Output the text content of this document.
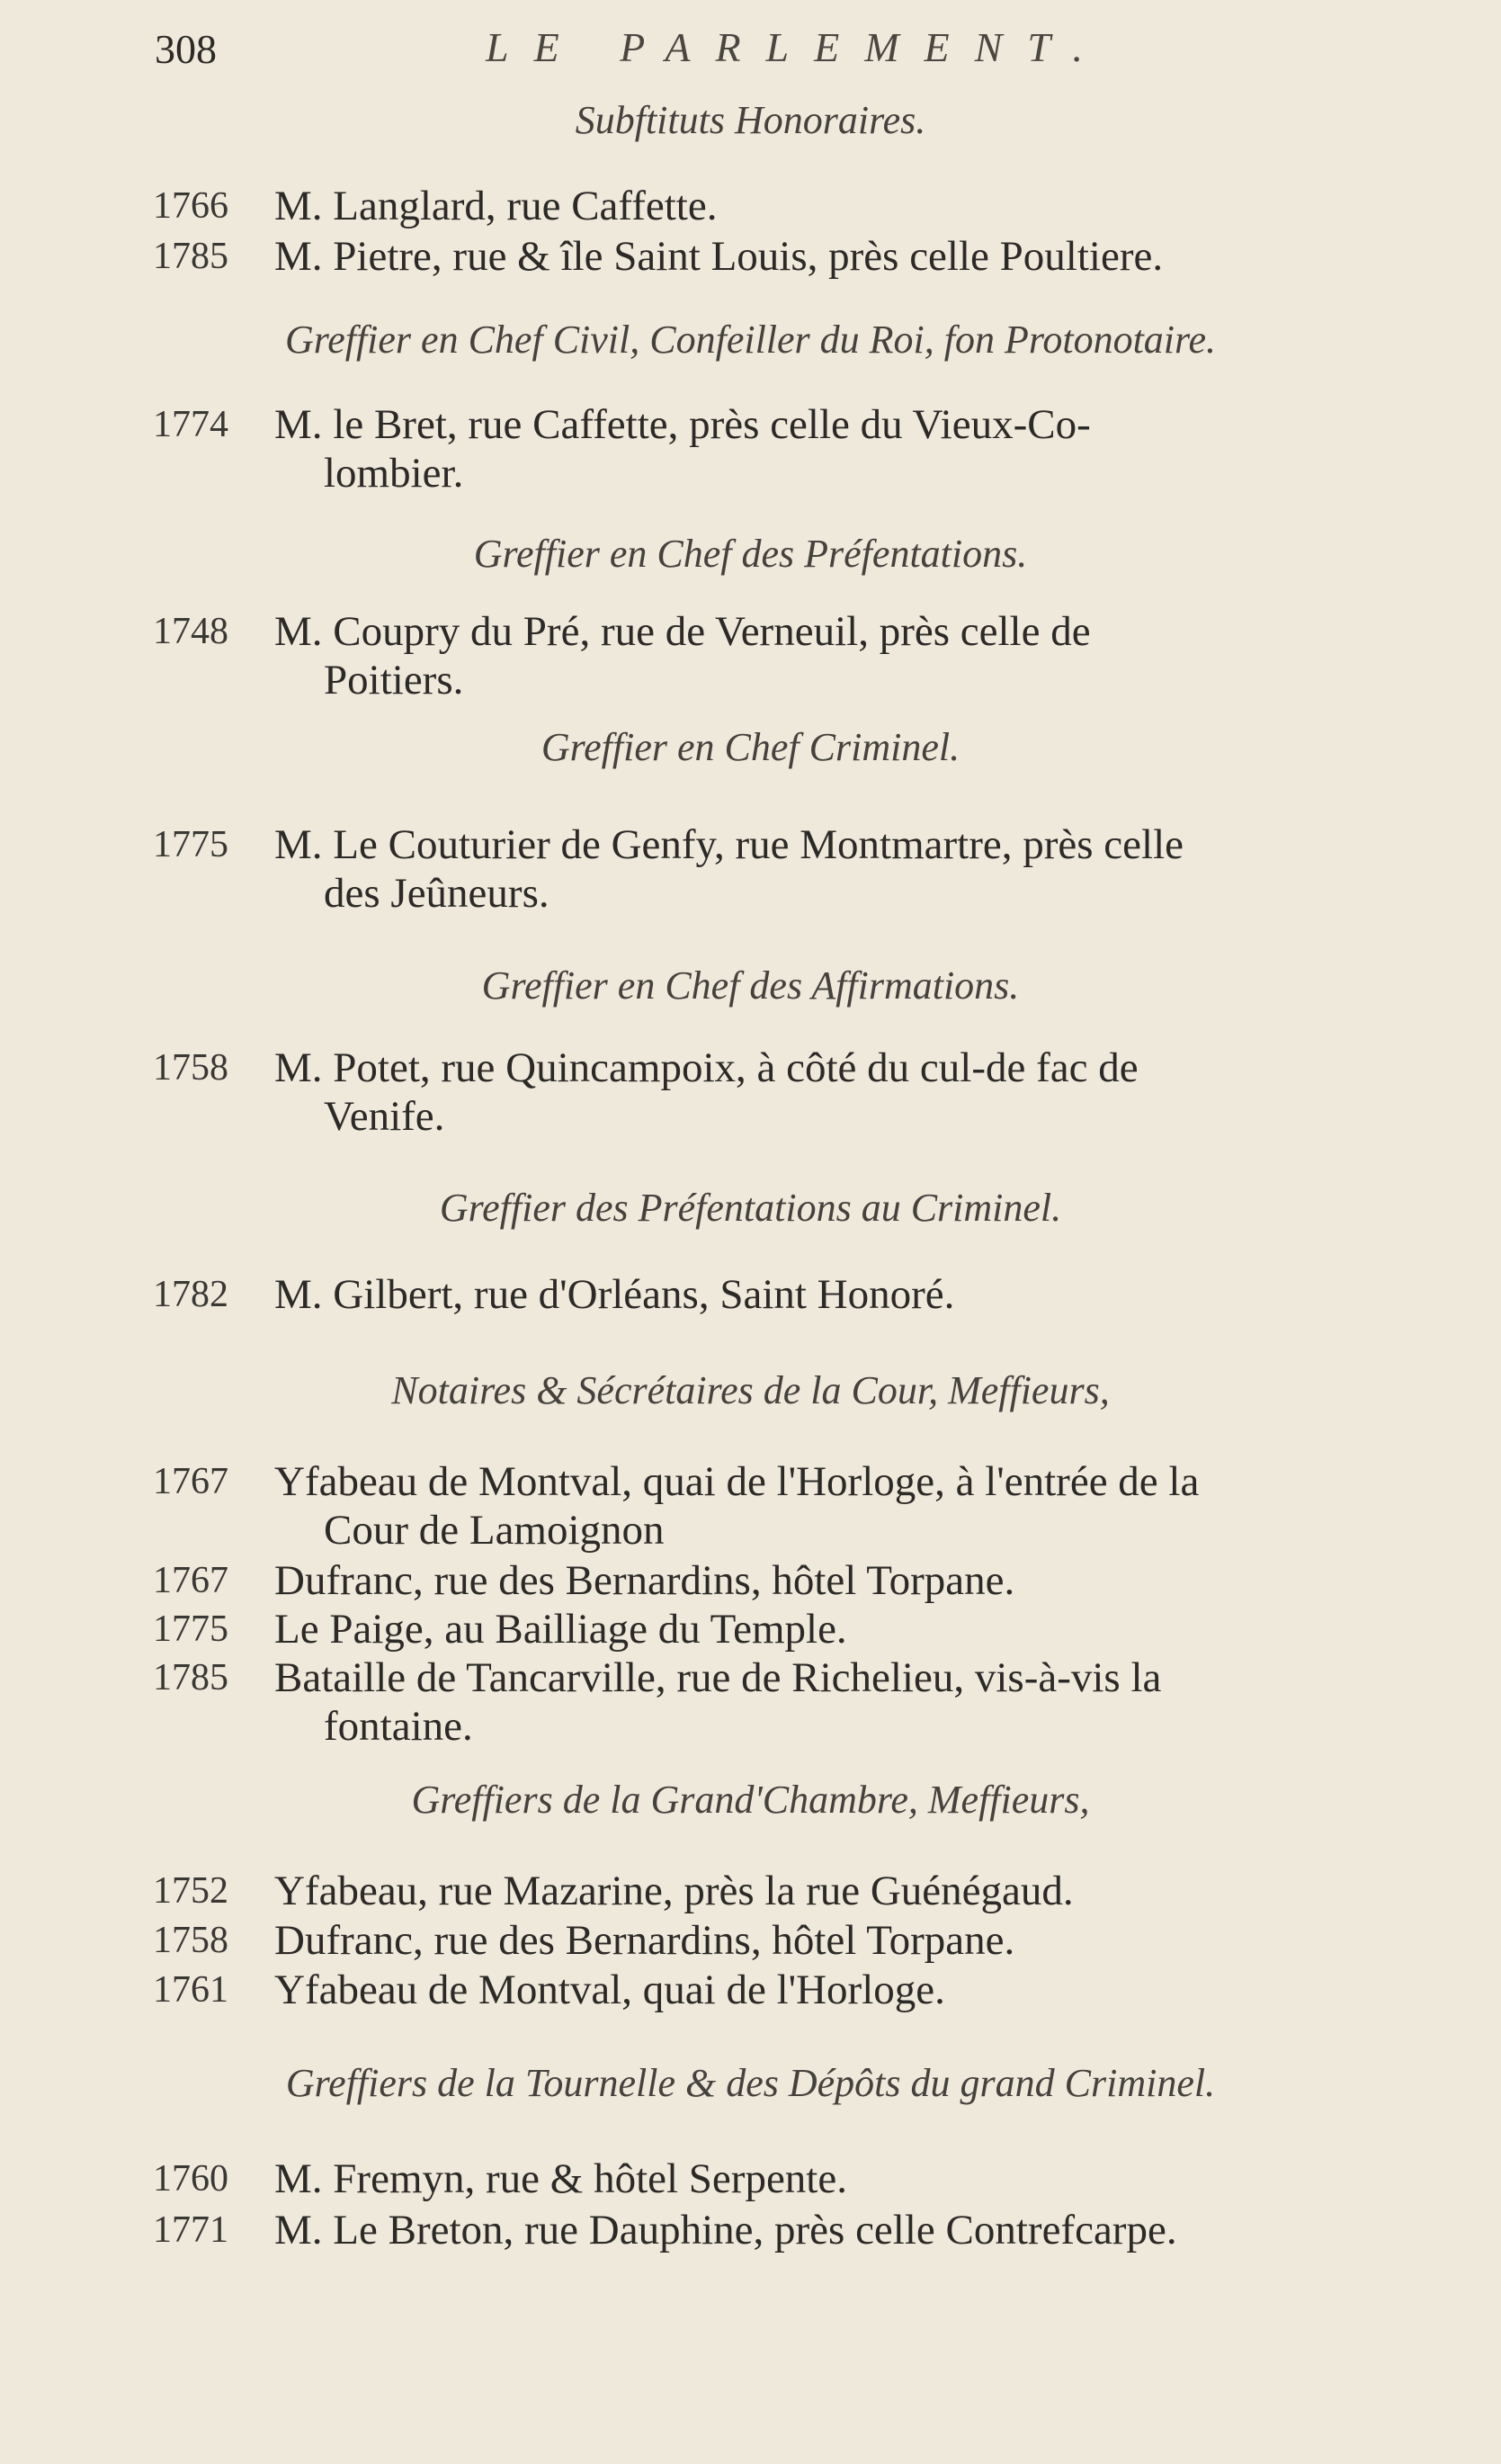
308	LE PARLEMENT.
Subftituts Honoraires.
1766	M. Langlard, rue Caffette.
1785	M. Pietre, rue & île Saint Louis, près celle Poultiere.
Greffier en Chef Civil, Confeiller du Roi, fon Protonotaire.
1774	M. le Bret, rue Caffette, près celle du Vieux-Co-
lombier.
Greffier en Chef des Préfentations.
1748	M. Coupry du Pré, rue de Verneuil, près celle de
Poitiers.
Greffier en Chef Criminel.
1775	M. Le Couturier de Genfy, rue Montmartre, près celle
des Jeûneurs.
Greffier en Chef des Affirmations.
1758	M. Potet, rue Quincampoix, à côté du cul-de fac de
Venife.
Greffier des Préfentations au Criminel.
1782	M. Gilbert, rue d'Orléans, Saint Honoré.
Notaires & Sécrétaires de la Cour, Meffieurs,
1767	Yfabeau de Montval, quai de l'Horloge, à l'entrée de la
Cour de Lamoignon
1767	Dufranc, rue des Bernardins, hôtel Torpane.
1775	Le Paige, au Bailliage du Temple.
1785	Bataille de Tancarville, rue de Richelieu, vis-à-vis la
fontaine.
Greffiers de la Grand'Chambre, Meffieurs,
1752	Yfabeau, rue Mazarine, près la rue Guénégaud.
1758	Dufranc, rue des Bernardins, hôtel Torpane.
1761	Yfabeau de Montval, quai de l'Horloge.
Greffiers de la Tournelle & des Dépôts du grand Criminel.
1760	M. Fremyn, rue & hôtel Serpente.
1771	M. Le Breton, rue Dauphine, près celle Contrefcarpe.
